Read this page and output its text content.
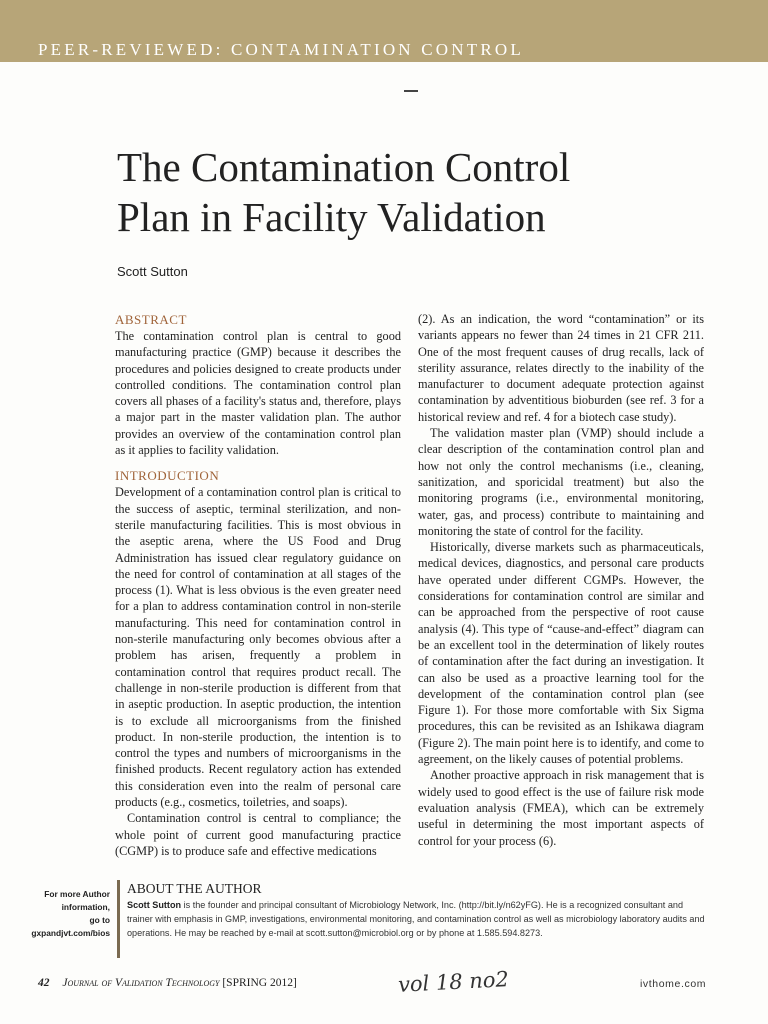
PEER-REVIEWED: CONTAMINATION CONTROL
The Contamination Control
Plan in Facility Validation
Scott Sutton

ABSTRACT

The contamination control plan is central to good manufacturing practice (GMP) because it describes the procedures and policies designed to create products under controlled conditions. The contamination control plan covers all phases of a facility's status and, therefore, plays a major part in the master validation plan. The author provides an overview of the contamination control plan as it applies to facility validation.

INTRODUCTION

Development of a contamination control plan is critical to the success of aseptic, terminal sterilization, and non-sterile manufacturing facilities. This is most obvious in the aseptic arena, where the US Food and Drug Administration has issued clear regulatory guidance on the need for control of contamination at all stages of the process (1). What is less obvious is the even greater need for a plan to address contamination control in non-sterile manufacturing. This need for contamination control in non-sterile manufacturing only becomes obvious after a problem has arisen, frequently a problem in contamination control that requires product recall. The challenge in non-sterile production is different from that in aseptic production. In aseptic production, the intention is to exclude all microorganisms from the finished product. In non-sterile production, the intention is to control the types and numbers of microorganisms in the finished products. Recent regulatory action has extended this consideration even into the realm of personal care products (e.g., cosmetics, toiletries, and soaps).

Contamination control is central to compliance; the whole point of current good manufacturing practice (CGMP) is to produce safe and effective medications

(2). As an indication, the word “contamination” or its variants appears no fewer than 24 times in 21 CFR 211. One of the most frequent causes of drug recalls, lack of sterility assurance, relates directly to the inability of the manufacturer to document adequate protection against contamination by adventitious bioburden (see ref. 3 for a historical review and ref. 4 for a biotech case study).

The validation master plan (VMP) should include a clear description of the contamination control plan and how not only the control mechanisms (i.e., cleaning, sanitization, and sporicidal treatment) but also the monitoring programs (i.e., environmental monitoring, water, gas, and process) contribute to maintaining and monitoring the state of control for the facility.

Historically, diverse markets such as pharmaceuticals, medical devices, diagnostics, and personal care products have operated under different CGMPs. However, the considerations for contamination control are similar and can be approached from the perspective of root cause analysis (4). This type of “cause-and-effect” diagram can be an excellent tool in the determination of likely routes of contamination after the fact during an investigation. It can also be used as a proactive learning tool for the development of the contamination control plan (see Figure 1). For those more comfortable with Six Sigma procedures, this can be revisited as an Ishikawa diagram (Figure 2). The main point here is to identify, and come to agreement, on the likely causes of potential problems.

Another proactive approach in risk management that is widely used to good effect is the use of failure risk mode evaluation analysis (FMEA), which can be extremely useful in determining the most important aspects of control for your process (6).

For more Author
information,
go to
gxpandjvt.com/bios

ABOUT THE AUTHOR

Scott Sutton is the founder and principal consultant of Microbiology Network, Inc. (http://bit.ly/n62yFG). He is a recognized consultant and trainer with emphasis in GMP, investigations, environmental monitoring, and contamination control as well as microbiology laboratory audits and operations. He may be reached by e-mail at scott.sutton@microbiol.org or by phone at 1.585.594.8273.

42 Journal of Validation Technology [SPRING 2012]	vol 18 no2	ivthome.com
